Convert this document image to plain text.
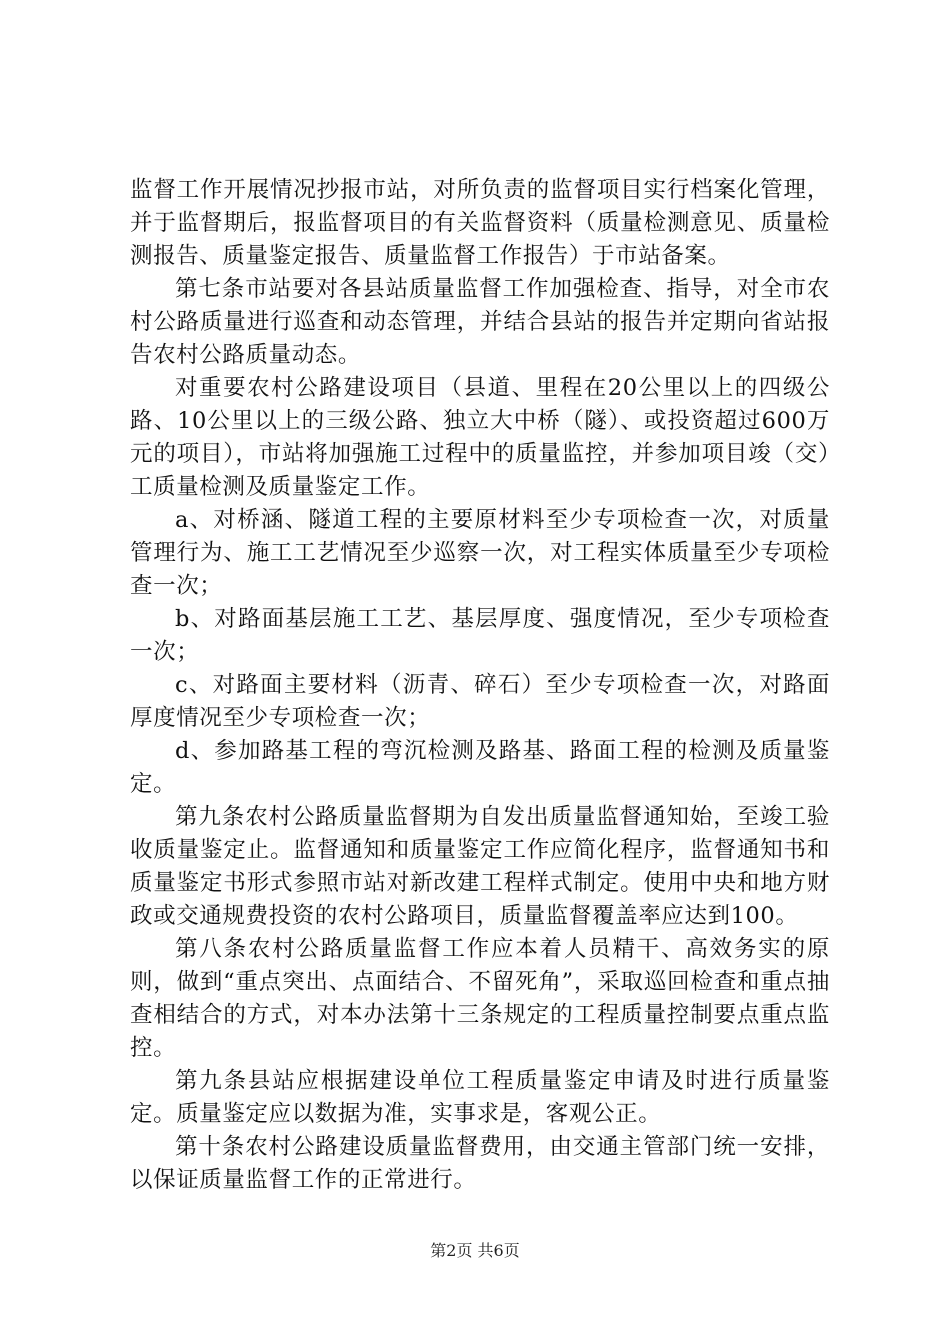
监督工作开展情况抄报市站，对所负责的监督项目实行档案化管理，并于监督期后，报监督项目的有关监督资料（质量检测意见、质量检测报告、质量鉴定报告、质量监督工作报告）于市站备案。

第七条市站要对各县站质量监督工作加强检查、指导，对全市农村公路质量进行巡查和动态管理，并结合县站的报告并定期向省站报告农村公路质量动态。

对重要农村公路建设项目（县道、里程在20公里以上的四级公路、10公里以上的三级公路、独立大中桥（隧）、或投资超过600万元的项目），市站将加强施工过程中的质量监控，并参加项目竣（交）工质量检测及质量鉴定工作。

a、对桥涵、隧道工程的主要原材料至少专项检查一次，对质量管理行为、施工工艺情况至少巡察一次，对工程实体质量至少专项检查一次；

b、对路面基层施工工艺、基层厚度、强度情况，至少专项检查一次；

c、对路面主要材料（沥青、碎石）至少专项检查一次，对路面厚度情况至少专项检查一次；

d、参加路基工程的弯沉检测及路基、路面工程的检测及质量鉴定。

第九条农村公路质量监督期为自发出质量监督通知始，至竣工验收质量鉴定止。监督通知和质量鉴定工作应简化程序，监督通知书和质量鉴定书形式参照市站对新改建工程样式制定。使用中央和地方财政或交通规费投资的农村公路项目，质量监督覆盖率应达到100。

第八条农村公路质量监督工作应本着人员精干、高效务实的原则，做到“重点突出、点面结合、不留死角”，采取巡回检查和重点抽查相结合的方式，对本办法第十三条规定的工程质量控制要点重点监控。

第九条县站应根据建设单位工程质量鉴定申请及时进行质量鉴定。质量鉴定应以数据为准，实事求是，客观公正。

第十条农村公路建设质量监督费用，由交通主管部门统一安排，以保证质量监督工作的正常进行。

第2页 共6页
